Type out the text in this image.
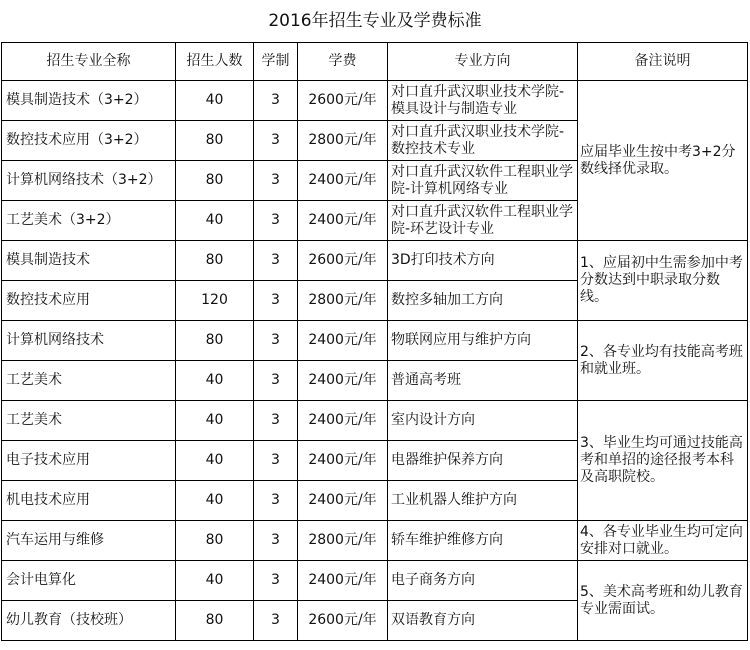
2016年招生专业及学费标准
招生专业全称	招生人数	学制	学费	专业方向	备注说明
模具制造技术（3+2）	40	3	2600元/年	对口直升武汉职业技术学院-模具设计与制造专业	应届毕业生按中考3+2分数线择优录取。
数控技术应用（3+2）	80	3	2800元/年	对口直升武汉职业技术学院-数控技术专业	
计算机网络技术（3+2）	80	3	2400元/年	对口直升武汉软件工程职业学院-计算机网络专业	
工艺美术（3+2）	40	3	2400元/年	对口直升武汉软件工程职业学院-环艺设计专业	
模具制造技术	80	3	2600元/年	3D打印技术方向	1、应届初中生需参加中考分数达到中职录取分数线。
数控技术应用	120	3	2800元/年	数控多轴加工方向	
计算机网络技术	80	3	2400元/年	物联网应用与维护方向	2、各专业均有技能高考班和就业班。
工艺美术	40	3	2400元/年	普通高考班	
工艺美术	40	3	2400元/年	室内设计方向	3、毕业生均可通过技能高考和单招的途径报考本科及高职院校。
电子技术应用	40	3	2400元/年	电器维护保养方向	
机电技术应用	40	3	2400元/年	工业机器人维护方向	
汽车运用与维修	80	3	2800元/年	轿车维护维修方向	4、各专业毕业生均可定向安排对口就业。
会计电算化	40	3	2400元/年	电子商务方向	5、美术高考班和幼儿教育专业需面试。
幼儿教育（技校班）	80	3	2600元/年	双语教育方向	
